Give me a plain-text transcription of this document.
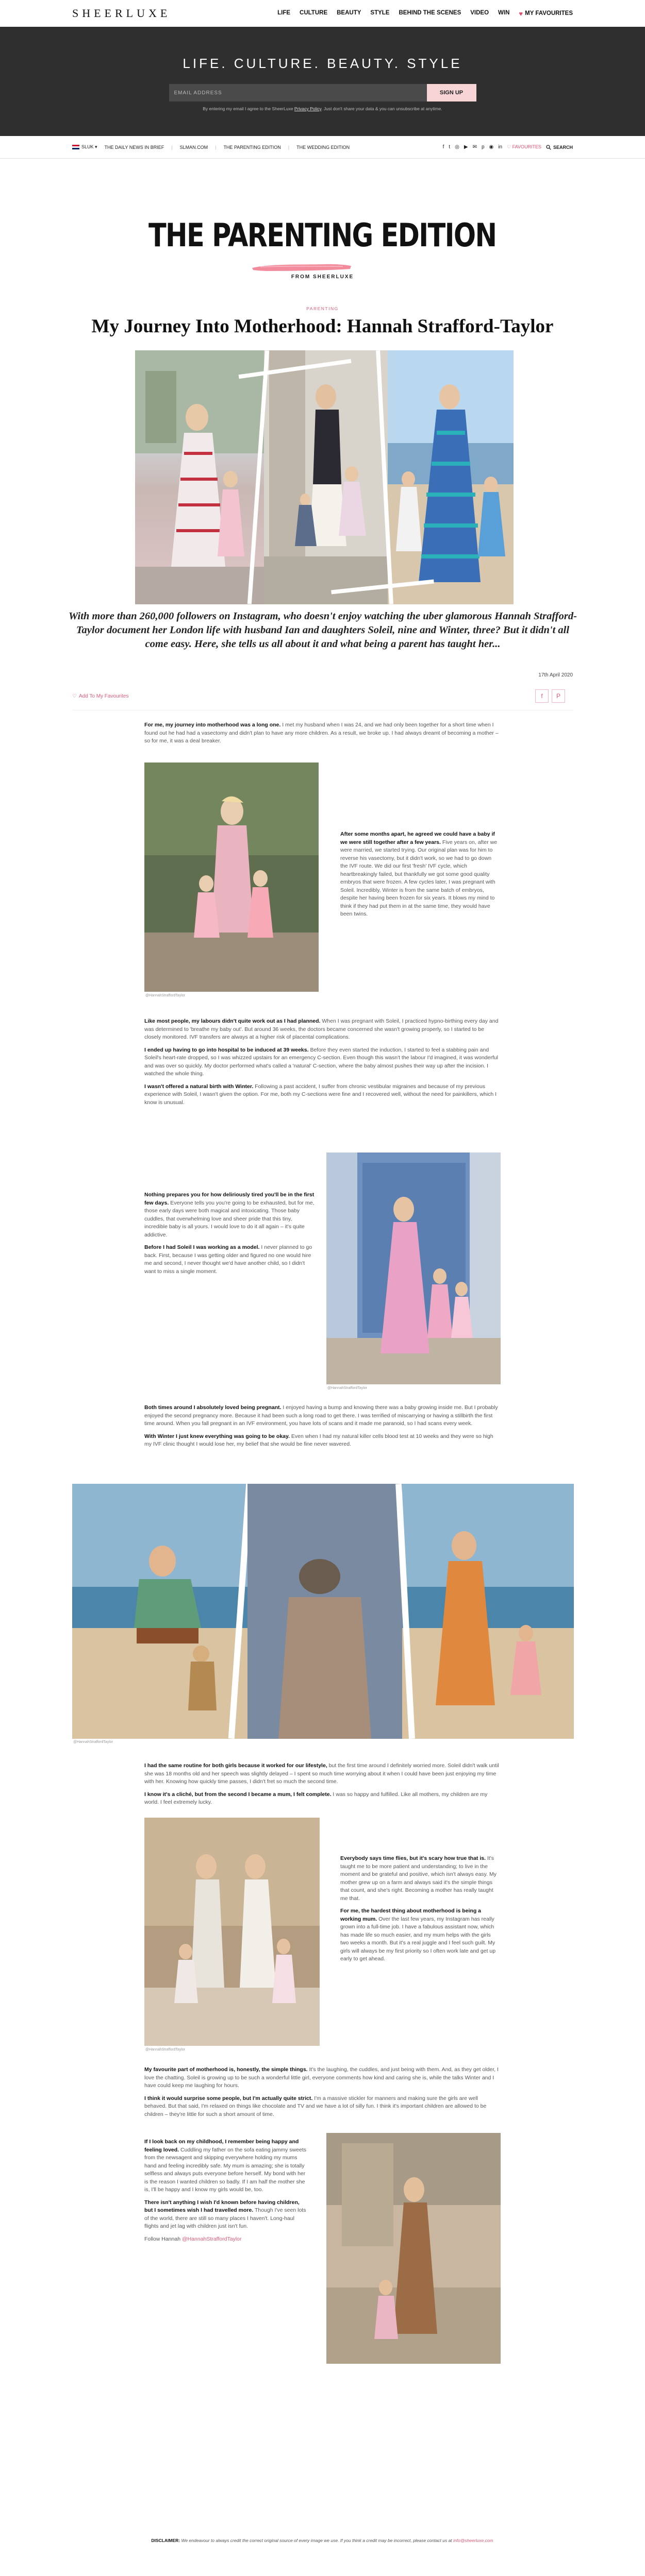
SHEERLUXE	LIFE CULTURE BEAUTY STYLE BEHIND THE SCENES VIDEO WIN ♥ MY FAVOURITES
LIFE. CULTURE. BEAUTY. STYLE
EMAIL ADDRESS
SIGN UP
By entering my email I agree to the SheerLuxe Privacy Policy. Just don't share your data & you can unsubscribe at anytime.
SLUK ▾ THE DAILY NEWS IN BRIEF | SLMAN.COM | THE PARENTING EDITION | THE WEDDING EDITION	f t ◎ ▶ ✉ p ◉ in ♡ FAVOURITES	SEARCH
THE PARENTING EDITION
FROM SHEERLUXE
PARENTING
My Journey Into Motherhood: Hannah Strafford-Taylor

With more than 260,000 followers on Instagram, who doesn't enjoy watching the uber glamorous Hannah Strafford-Taylor document her London life with husband Ian and daughters Soleil, nine and Winter, three? But it didn't all come easy. Here, she tells us all about it and what being a parent has taught her...

17th April 2020
♡ Add To My Favourites	f	P

For me, my journey into motherhood was a long one. I met my husband when I was 24, and we had only been together for a short time when I found out he had had a vasectomy and didn't plan to have any more children. As a result, we broke up. I had always dreamt of becoming a mother – so for me, it was a deal breaker.

@HannahStraffordTaylor

After some months apart, he agreed we could have a baby if we were still together after a few years. Five years on, after we were married, we started trying. Our original plan was for him to reverse his vasectomy, but it didn't work, so we had to go down the IVF route. We did our first 'fresh' IVF cycle, which heartbreakingly failed, but thankfully we got some good quality embryos that were frozen. A few cycles later, I was pregnant with Soleil. Incredibly, Winter is from the same batch of embryos, despite her having been frozen for six years. It blows my mind to think if they had put them in at the same time, they would have been twins.

Like most people, my labours didn't quite work out as I had planned. When I was pregnant with Soleil, I practiced hypno-birthing every day and was determined to 'breathe my baby out'. But around 36 weeks, the doctors became concerned she wasn't growing properly, so I started to be closely monitored. IVF transfers are always at a higher risk of placental complications.

I ended up having to go into hospital to be induced at 39 weeks. Before they even started the induction, I started to feel a stabbing pain and Soleil's heart-rate dropped, so I was whizzed upstairs for an emergency C-section. Even though this wasn't the labour I'd imagined, it was wonderful and was over so quickly. My doctor performed what's called a 'natural' C-section, where the baby almost pushes their way up after the incision. I watched the whole thing.

I wasn't offered a natural birth with Winter. Following a past accident, I suffer from chronic vestibular migraines and because of my previous experience with Soleil, I wasn't given the option. For me, both my C-sections were fine and I recovered well, without the need for painkillers, which I know is unusual.

Nothing prepares you for how deliriously tired you'll be in the first few days. Everyone tells you you're going to be exhausted, but for me, those early days were both magical and intoxicating. Those baby cuddles, that overwhelming love and sheer pride that this tiny, incredible baby is all yours. I would love to do it all again – it's quite addictive.

Before I had Soleil I was working as a model. I never planned to go back. First, because I was getting older and figured no one would hire me and second, I never thought we'd have another child, so I didn't want to miss a single moment.

@HannahStraffordTaylor

Both times around I absolutely loved being pregnant. I enjoyed having a bump and knowing there was a baby growing inside me. But I probably enjoyed the second pregnancy more. Because it had been such a long road to get there. I was terrified of miscarrying or having a stillbirth the first time around. When you fall pregnant in an IVF environment, you have lots of scans and it made me paranoid, so I had scans every week.

With Winter I just knew everything was going to be okay. Even when I had my natural killer cells blood test at 10 weeks and they were so high my IVF clinic thought I would lose her, my belief that she would be fine never wavered.

@HannahStraffordTaylor

I had the same routine for both girls because it worked for our lifestyle, but the first time around I definitely worried more. Soleil didn't walk until she was 18 months old and her speech was slightly delayed – I spent so much time worrying about it when I could have been just enjoying my time with her. Knowing how quickly time passes, I didn't fret so much the second time.

I know it's a cliché, but from the second I became a mum, I felt complete. I was so happy and fulfilled. Like all mothers, my children are my world. I feel extremely lucky.

@HannahStraffordTaylor

Everybody says time flies, but it's scary how true that is. It's taught me to be more patient and understanding; to live in the moment and be grateful and positive, which isn't always easy. My mother grew up on a farm and always said it's the simple things that count, and she's right. Becoming a mother has really taught me that.

For me, the hardest thing about motherhood is being a working mum. Over the last few years, my Instagram has really grown into a full-time job. I have a fabulous assistant now, which has made life so much easier, and my mum helps with the girls two weeks a month. But it's a real juggle and I feel such guilt. My girls will always be my first priority so I often work late and get up early to get ahead.

My favourite part of motherhood is, honestly, the simple things. It's the laughing, the cuddles, and just being with them. And, as they get older, I love the chatting. Soleil is growing up to be such a wonderful little girl, everyone comments how kind and caring she is, while the talks Winter and I have could keep me laughing for hours.

I think it would surprise some people, but I'm actually quite strict. I'm a massive stickler for manners and making sure the girls are well behaved. But that said, I'm relaxed on things like chocolate and TV and we have a lot of silly fun. I think it's important children are allowed to be children – they're little for such a short amount of time.

If I look back on my childhood, I remember being happy and feeling loved. Cuddling my father on the sofa eating jammy sweets from the newsagent and skipping everywhere holding my mums hand and feeling incredibly safe. My mum is amazing; she is totally selfless and always puts everyone before herself. My bond with her is the reason I wanted children so badly. If I am half the mother she is, I'll be happy and I know my girls would be, too.

There isn't anything I wish I'd known before having children, but I sometimes wish I had travelled more. Though I've seen lots of the world, there are still so many places I haven't. Long-haul flights and jet lag with children just isn't fun.

Follow Hannah @HannahStraffordTaylor

DISCLAIMER: We endeavour to always credit the correct original source of every image we use. If you think a credit may be incorrect, please contact us at info@sheerluxe.com
